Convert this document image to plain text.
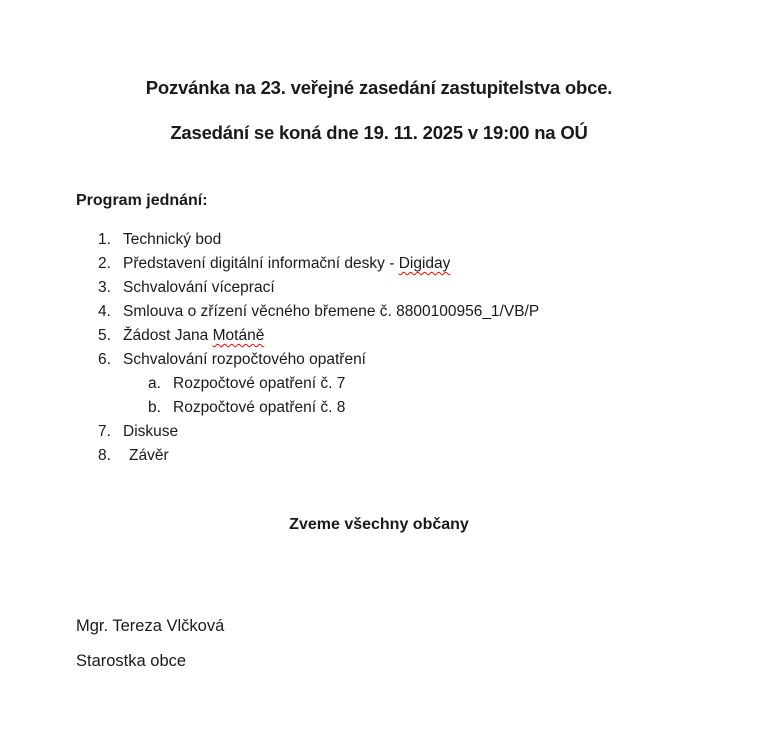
Pozvánka na 23. veřejné zasedání zastupitelstva obce.
Zasedání se koná dne 19. 11. 2025 v 19:00 na OÚ
Program jednání:
1. Technický bod
2. Představení digitální informační desky - Digiday
3. Schvalování víceprací
4. Smlouva o zřízení věcného břemene č. 8800100956_1/VB/P
5. Žádost Jana Motáně
6. Schvalování rozpočtového opatření
a. Rozpočtové opatření č. 7
b. Rozpočtové opatření č. 8
7. Diskuse
8. Závěr
Zveme všechny občany
Mgr. Tereza Vlčková
Starostka obce
